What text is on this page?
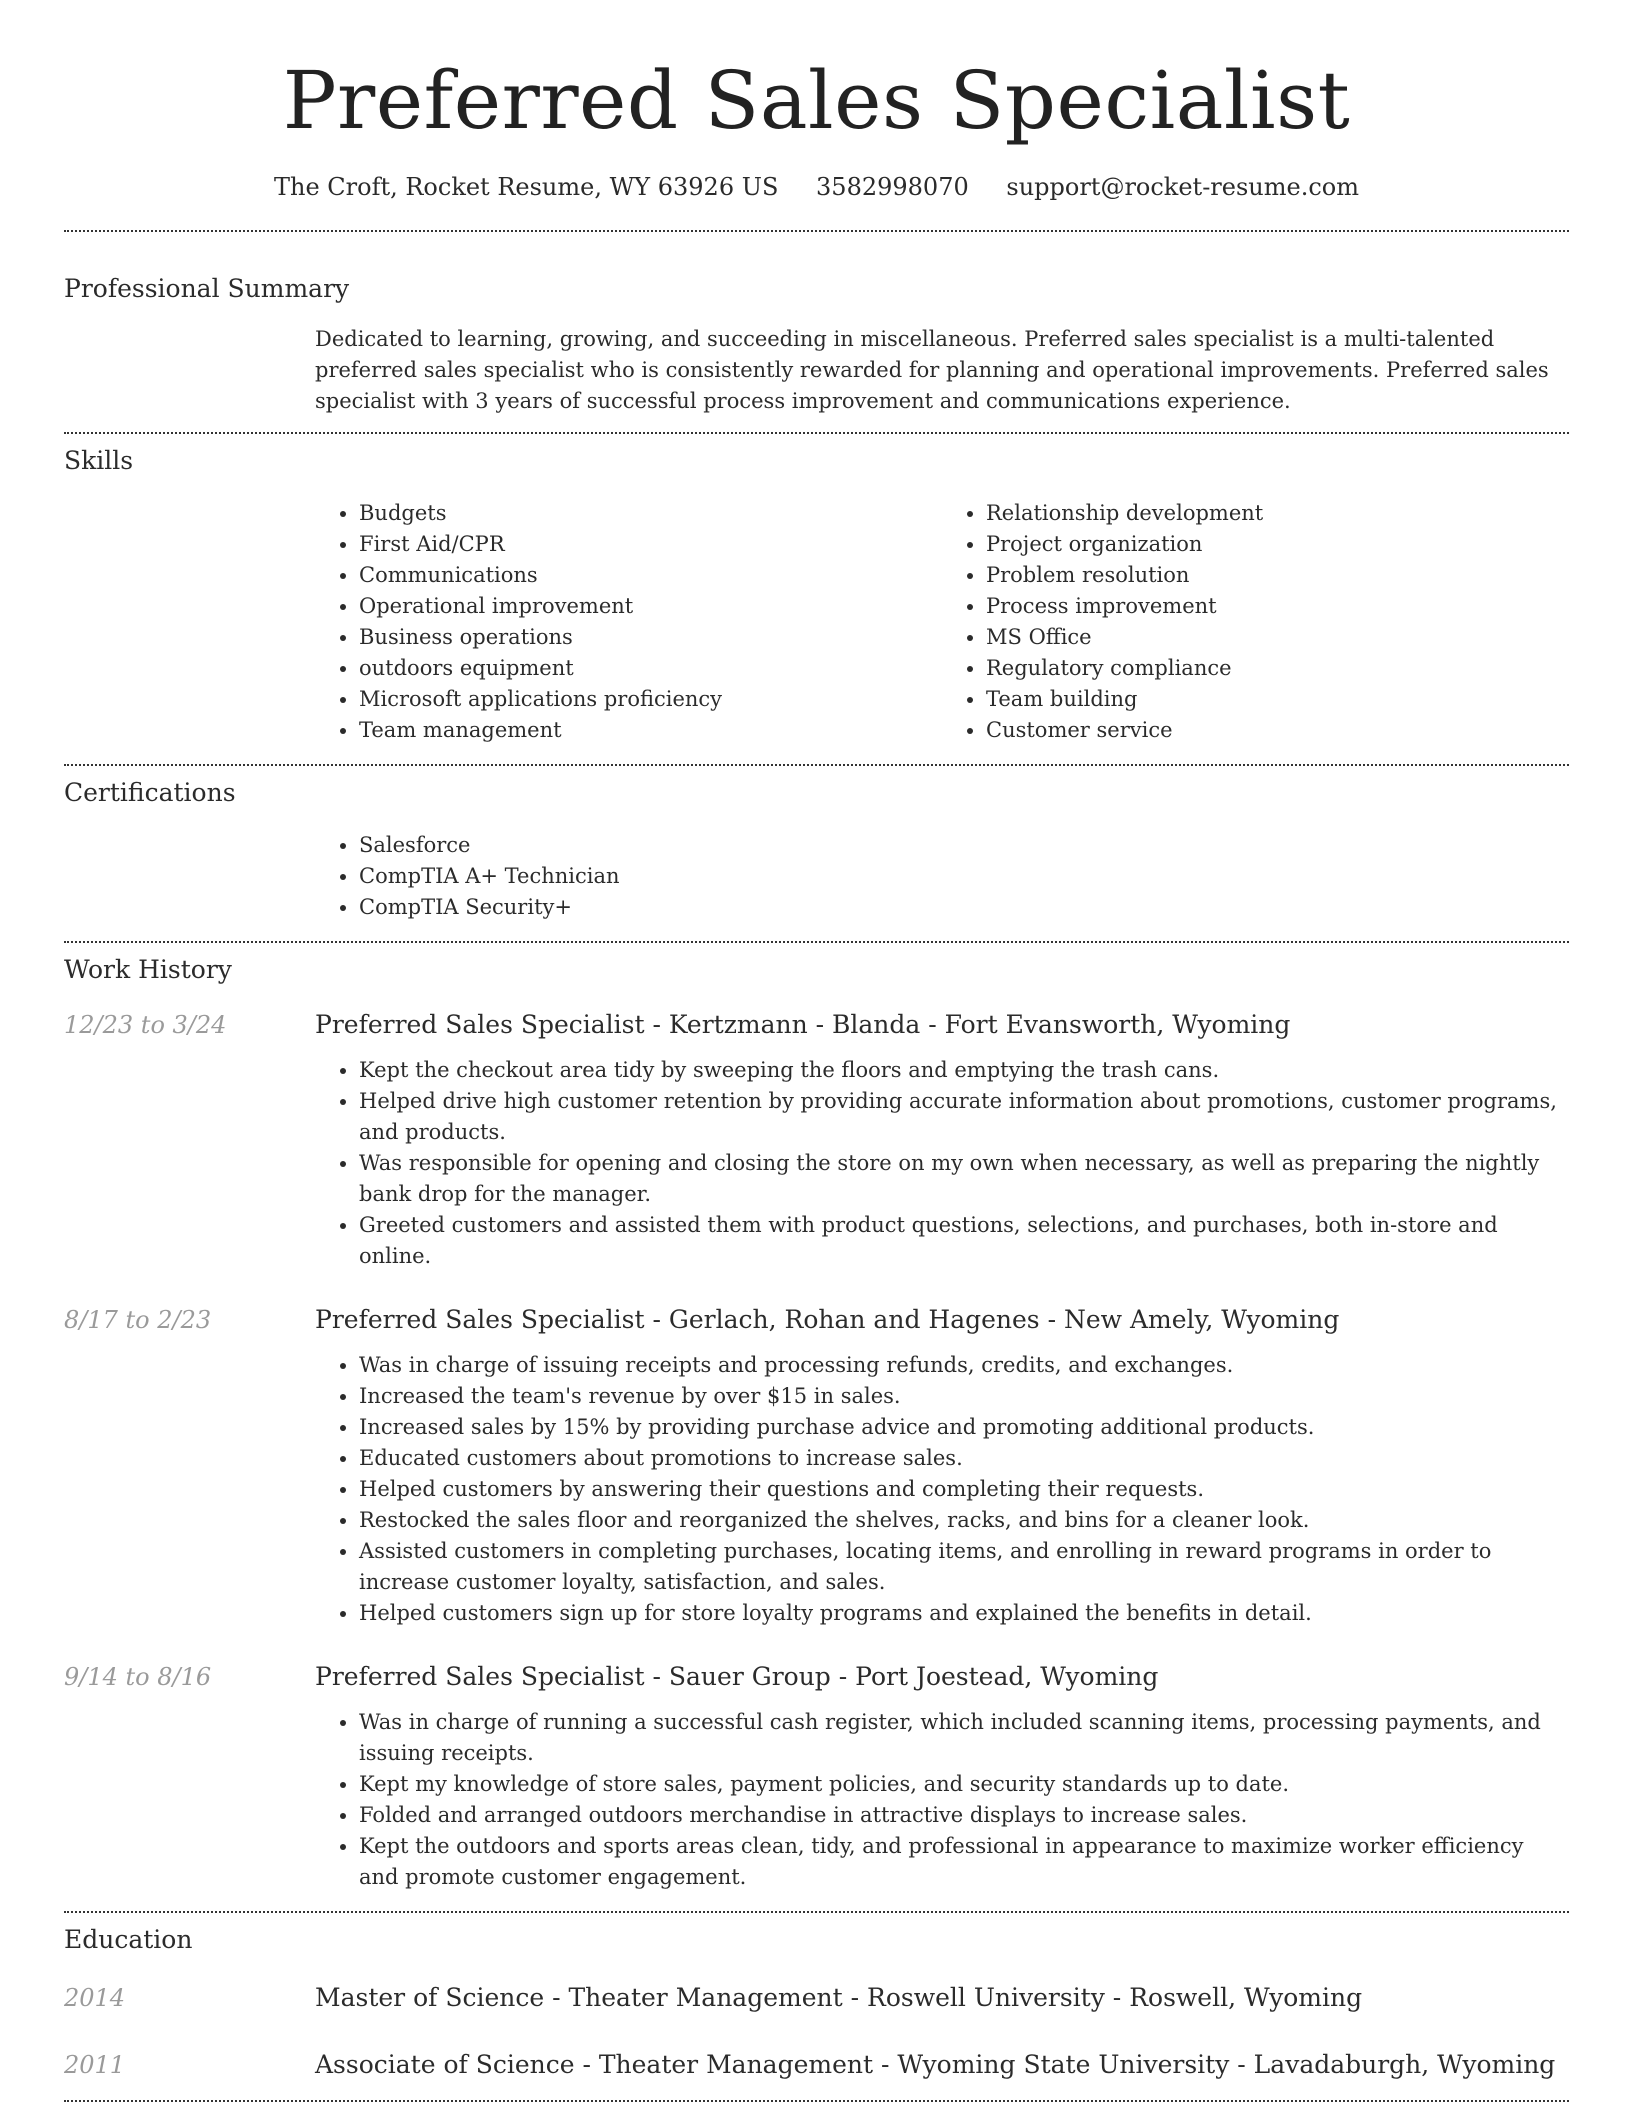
Preferred Sales Specialist
The Croft, Rocket Resume, WY 63926 US 3582998070 support@rocket-resume.com
Professional Summary

Dedicated to learning, growing, and succeeding in miscellaneous. Preferred sales specialist is a multi-talented preferred sales specialist who is consistently rewarded for planning and operational improvements. Preferred sales specialist with 3 years of successful process improvement and communications experience.

Skills
• Budgets
• First Aid/CPR
• Communications
• Operational improvement
• Business operations
• outdoors equipment
• Microsoft applications proficiency
• Team management
• Relationship development
• Project organization
• Problem resolution
• Process improvement
• MS Office
• Regulatory compliance
• Team building
• Customer service
Certifications
• Salesforce
• CompTIA A+ Technician
• CompTIA Security+
Work History
12/23 to 3/24	Preferred Sales Specialist - Kertzmann - Blanda - Fort Evansworth, Wyoming
• Kept the checkout area tidy by sweeping the floors and emptying the trash cans.
• Helped drive high customer retention by providing accurate information about promotions, customer programs, and products.
• Was responsible for opening and closing the store on my own when necessary, as well as preparing the nightly bank drop for the manager.
• Greeted customers and assisted them with product questions, selections, and purchases, both in-store and online.
8/17 to 2/23	Preferred Sales Specialist - Gerlach, Rohan and Hagenes - New Amely, Wyoming
• Was in charge of issuing receipts and processing refunds, credits, and exchanges.
• Increased the team's revenue by over $15 in sales.
• Increased sales by 15% by providing purchase advice and promoting additional products.
• Educated customers about promotions to increase sales.
• Helped customers by answering their questions and completing their requests.
• Restocked the sales floor and reorganized the shelves, racks, and bins for a cleaner look.
• Assisted customers in completing purchases, locating items, and enrolling in reward programs in order to increase customer loyalty, satisfaction, and sales.
• Helped customers sign up for store loyalty programs and explained the benefits in detail.
9/14 to 8/16	Preferred Sales Specialist - Sauer Group - Port Joestead, Wyoming
• Was in charge of running a successful cash register, which included scanning items, processing payments, and issuing receipts.
• Kept my knowledge of store sales, payment policies, and security standards up to date.
• Folded and arranged outdoors merchandise in attractive displays to increase sales.
• Kept the outdoors and sports areas clean, tidy, and professional in appearance to maximize worker efficiency and promote customer engagement.
Education
2014	Master of Science - Theater Management - Roswell University - Roswell, Wyoming
2011	Associate of Science - Theater Management - Wyoming State University - Lavadaburgh, Wyoming
